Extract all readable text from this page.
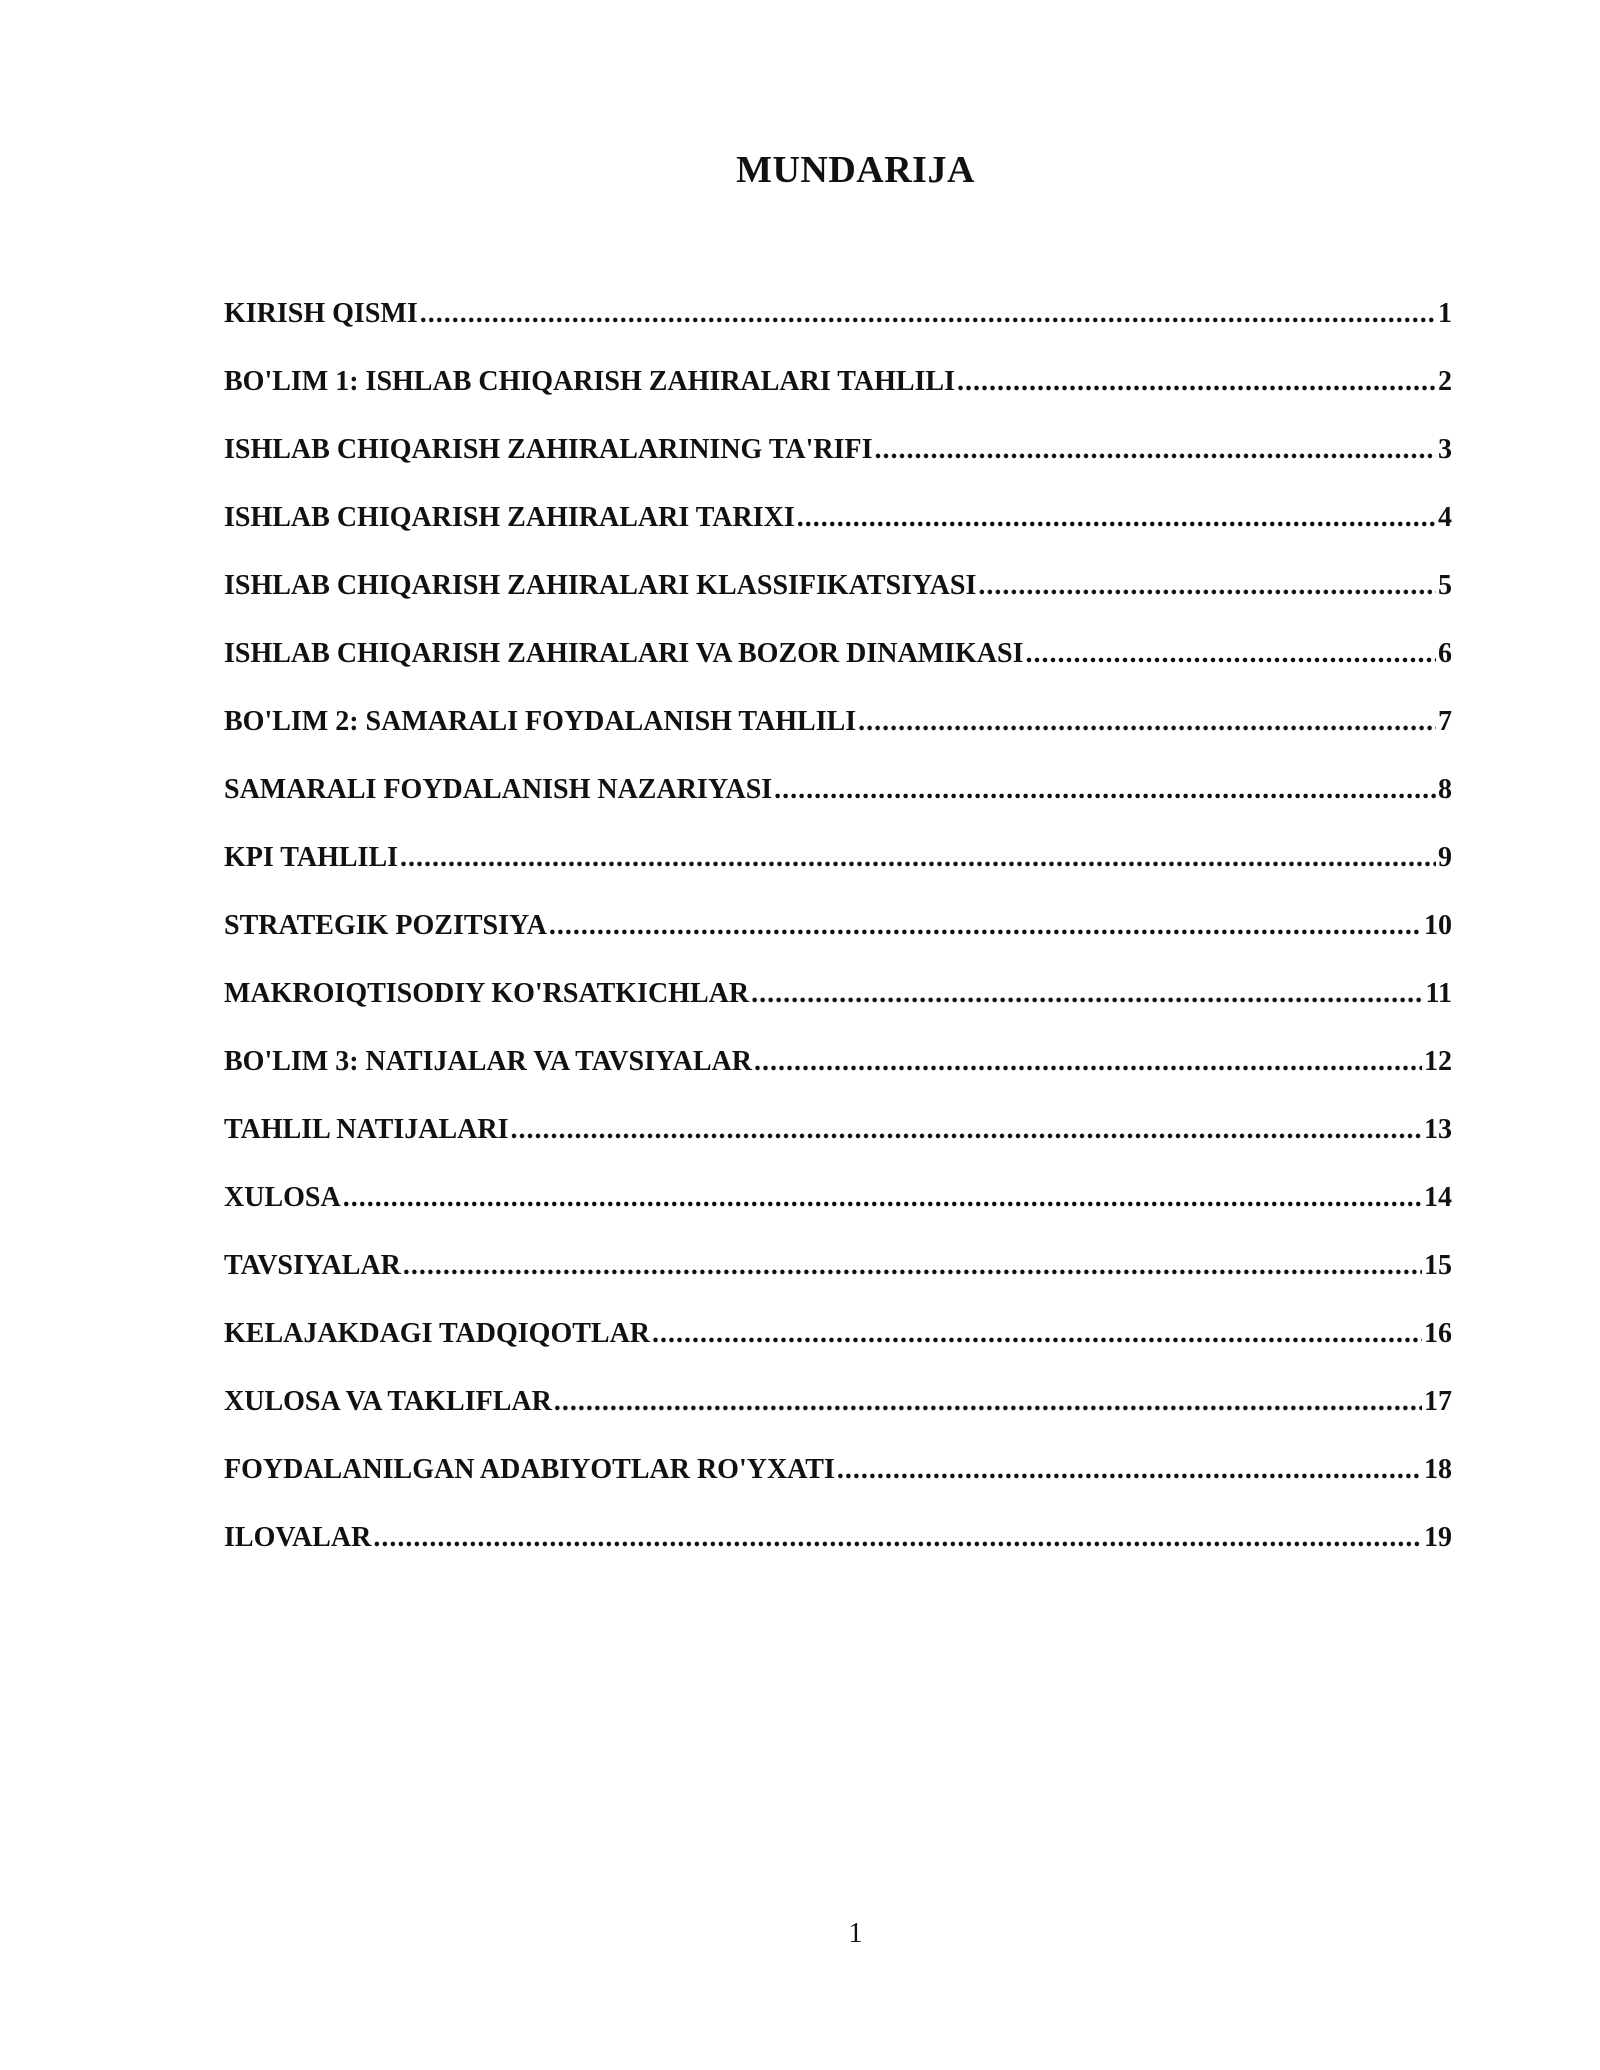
MUNDARIJA
KIRISH QISMI .....	1
BO'LIM 1: ISHLAB CHIQARISH ZAHIRALARI TAHLILI .....	2
ISHLAB CHIQARISH ZAHIRALARINING TA'RIFI .....	3
ISHLAB CHIQARISH ZAHIRALARI TARIXI .....	4
ISHLAB CHIQARISH ZAHIRALARI KLASSIFIKATSIYASI .....	5
ISHLAB CHIQARISH ZAHIRALARI VA BOZOR DINAMIKASI .....	6
BO'LIM 2: SAMARALI FOYDALANISH TAHLILI .....	7
SAMARALI FOYDALANISH NAZARIYASI .....	8
KPI TAHLILI .....	9
STRATEGIK POZITSIYA .....	10
MAKROIQTISODIY KO'RSATKICHLAR .....	11
BO'LIM 3: NATIJALAR VA TAVSIYALAR .....	12
TAHLIL NATIJALARI .....	13
XULOSA .....	14
TAVSIYALAR .....	15
KELAJAKDAGI TADQIQOTLAR .....	16
XULOSA VA TAKLIFLAR .....	17
FOYDALANILGAN ADABIYOTLAR RO'YXATI .....	18
ILOVALAR .....	19
1
